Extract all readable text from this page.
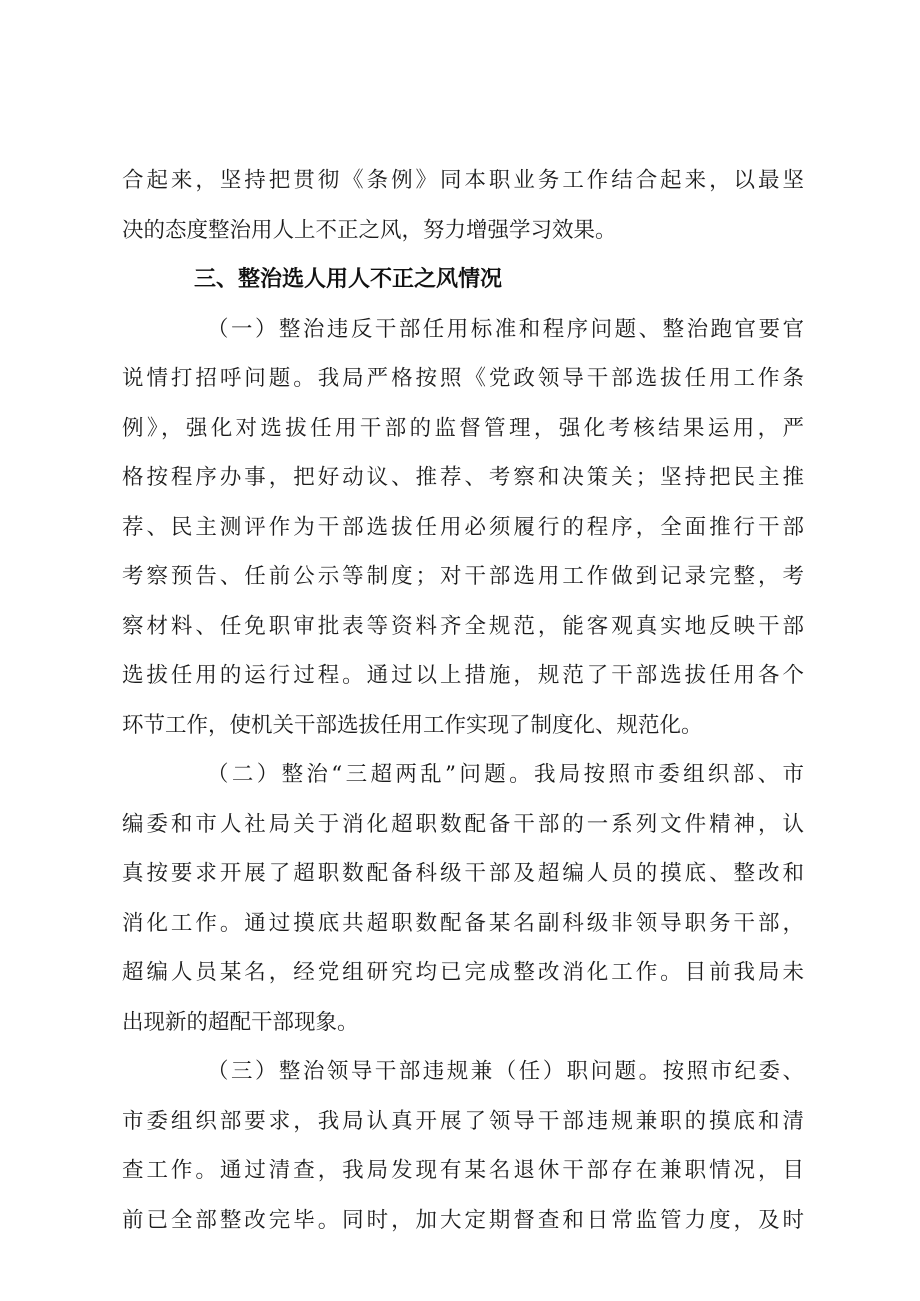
合起来，坚持把贯彻《条例》同本职业务工作结合起来，以最坚
决的态度整治用人上不正之风，努力增强学习效果。
三、整治选人用人不正之风情况
（一）整治违反干部任用标准和程序问题、整治跑官要官
说情打招呼问题。我局严格按照《党政领导干部选拔任用工作条
例》，强化对选拔任用干部的监督管理，强化考核结果运用，严
格按程序办事，把好动议、推荐、考察和决策关；坚持把民主推
荐、民主测评作为干部选拔任用必须履行的程序，全面推行干部
考察预告、任前公示等制度；对干部选用工作做到记录完整，考
察材料、任免职审批表等资料齐全规范，能客观真实地反映干部
选拔任用的运行过程。通过以上措施，规范了干部选拔任用各个
环节工作，使机关干部选拔任用工作实现了制度化、规范化。
（二）整治“三超两乱”问题。我局按照市委组织部、市
编委和市人社局关于消化超职数配备干部的一系列文件精神，认
真按要求开展了超职数配备科级干部及超编人员的摸底、整改和
消化工作。通过摸底共超职数配备某名副科级非领导职务干部，
超编人员某名，经党组研究均已完成整改消化工作。目前我局未
出现新的超配干部现象。
（三）整治领导干部违规兼（任）职问题。按照市纪委、
市委组织部要求，我局认真开展了领导干部违规兼职的摸底和清
查工作。通过清查，我局发现有某名退休干部存在兼职情况，目
前已全部整改完毕。同时，加大定期督查和日常监管力度，及时
